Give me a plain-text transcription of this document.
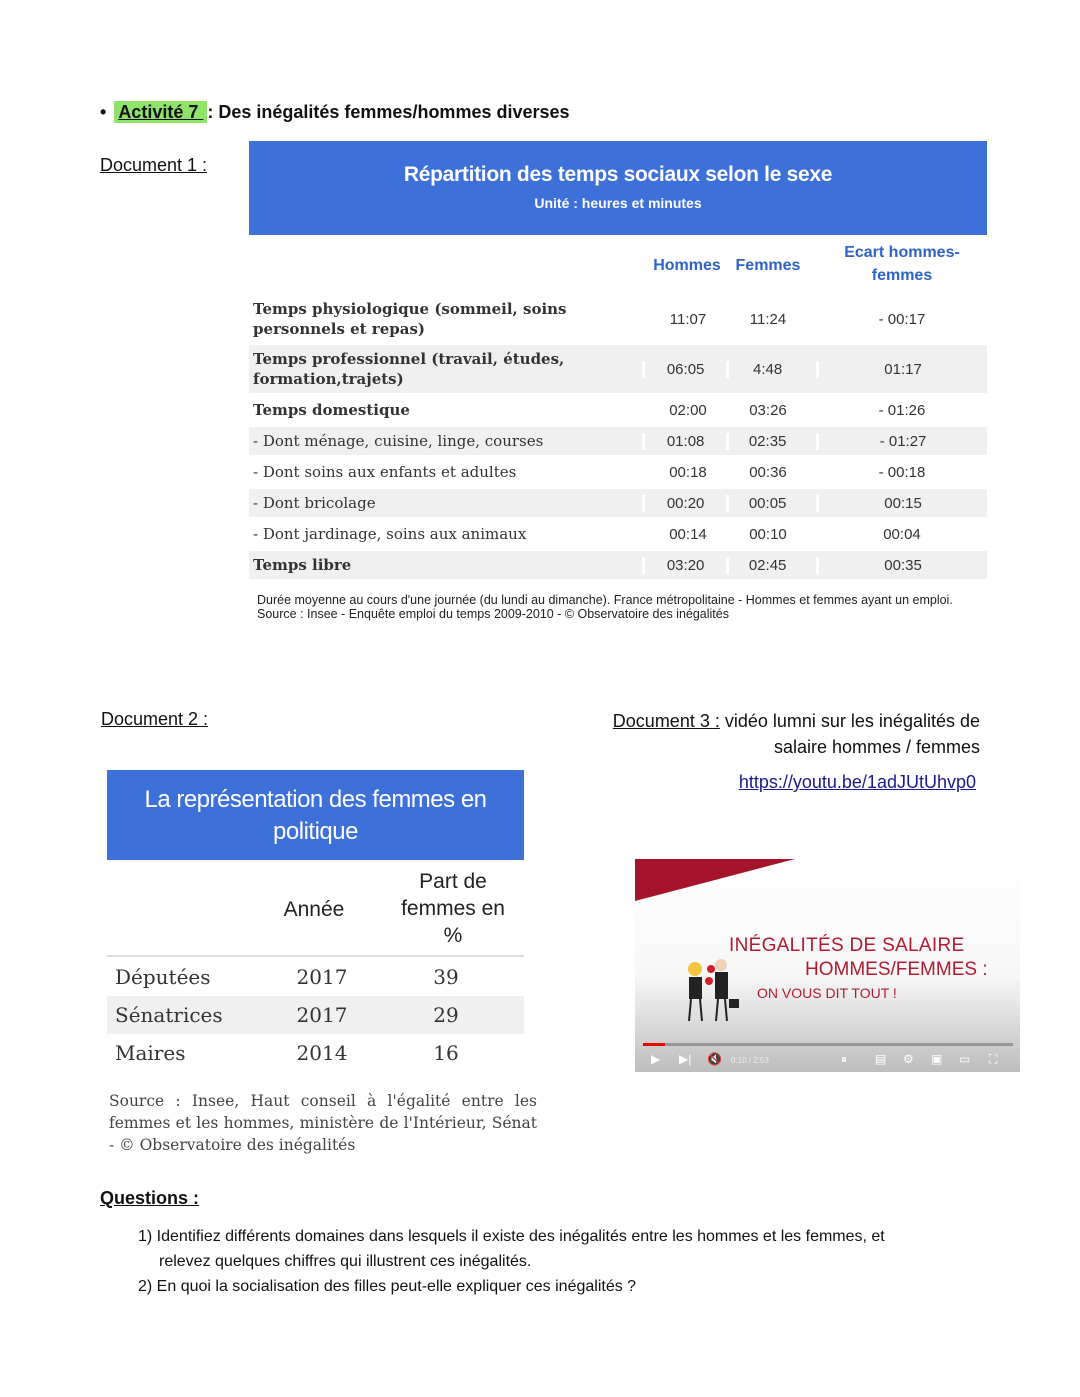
• Activité 7 : Des inégalités femmes/hommes diverses
Document 1 :	Répartition des temps sociaux selon le sexe
Unité : heures et minutes
Hommes Femmes
Ecart hommes-femmes
Temps physiologique (sommeil, soins personnels et repas)
11:07	11:24	- 00:17
Temps professionnel (travail, études, formation,trajets)
06:05	4:48	01:17
Temps domestique	02:00	03:26	- 01:26
- Dont ménage, cuisine, linge, courses	01:08	02:35	- 01:27
- Dont soins aux enfants et adultes	00:18	00:36	- 00:18
- Dont bricolage	00:20	00:05	00:15
- Dont jardinage, soins aux animaux	00:14	00:10	00:04
Temps libre	03:20	02:45	00:35
Durée moyenne au cours d'une journée (du lundi au dimanche). France métropolitaine - Hommes et femmes ayant un emploi.
Source : Insee - Enquête emploi du temps 2009-2010 - © Observatoire des inégalités
Document 2 :
La représentation des femmes en politique
Année
Part de femmes en %
Députées	2017	39
Sénatrices	2017	29
Maires	2014	16
Source : Insee, Haut conseil à l'égalité entre les femmes et les hommes, ministère de l'Intérieur, Sénat - © Observatoire des inégalités
Document 3 : vidéo lumni sur les inégalités de salaire hommes / femmes
https://youtu.be/1adJUtUhvp0
INÉGALITÉS DE SALAIRE
HOMMES/FEMMES :
ON VOUS DIT TOUT !
▶ ▶| 🔇 0:10 / 2:53	⏸ ▤ ⚙ ▣ ▭ ⛶
Questions :
1) Identifiez différents domaines dans lesquels il existe des inégalités entre les hommes et les femmes, et relevez quelques chiffres qui illustrent ces inégalités.
2) En quoi la socialisation des filles peut-elle expliquer ces inégalités ?
